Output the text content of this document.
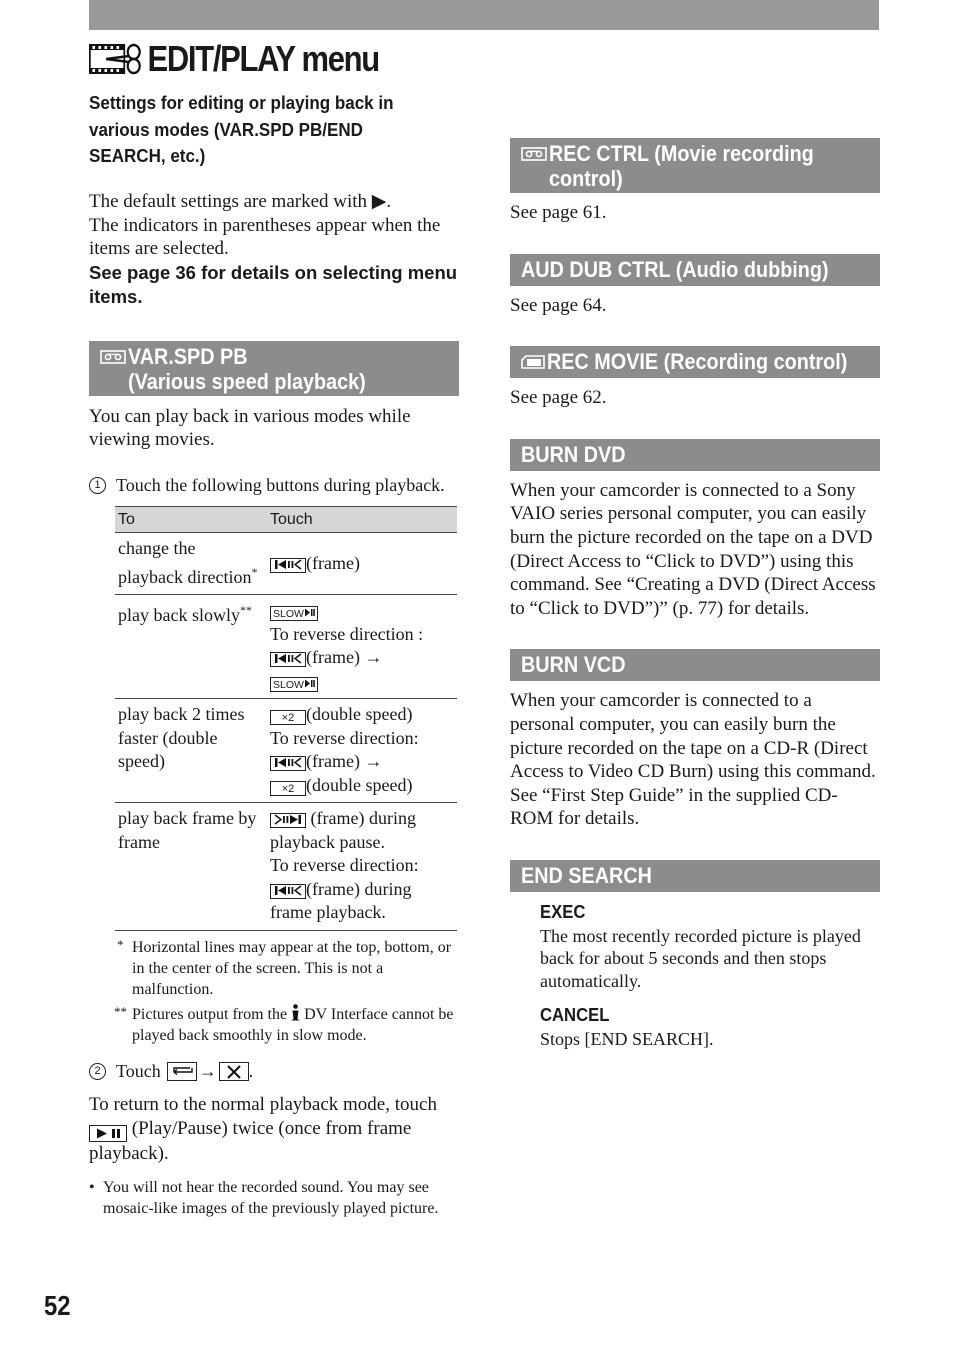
EDIT/PLAY menu
Settings for editing or playing back in various modes (VAR.SPD PB/END SEARCH, etc.)

The default settings are marked with ▶.

The indicators in parentheses appear when the items are selected.

See page 36 for details on selecting menu items.

VAR.SPD PB
(Various speed playback)

You can play back in various modes while viewing movies.

1 Touch the following buttons during playback.
To	Touch
change the playback direction*	(frame)
play back slowly**	SLOW
To reverse direction :
(frame) →
SLOW
play back 2 times faster (double speed)	×2 (double speed)
To reverse direction:
(frame) →
×2 (double speed)
play back frame by frame	(frame) during playback pause.
To reverse direction:
(frame) during frame playback.
* Horizontal lines may appear at the top, bottom, or in the center of the screen. This is not a malfunction.
** Pictures output from the DV Interface cannot be played back smoothly in slow mode.
2 Touch → .

To return to the normal playback mode, touch  (Play/Pause) twice (once from frame playback).

• You will not hear the recorded sound. You may see mosaic-like images of the previously played picture.
REC CTRL (Movie recording
control)

See page 61.

AUD DUB CTRL (Audio dubbing)

See page 64.

REC MOVIE (Recording control)

See page 62.

BURN DVD

When your camcorder is connected to a Sony VAIO series personal computer, you can easily burn the picture recorded on the tape on a DVD (Direct Access to “Click to DVD”) using this command. See “Creating a DVD (Direct Access to “Click to DVD”)” (p. 77) for details.

BURN VCD

When your camcorder is connected to a personal computer, you can easily burn the picture recorded on the tape on a CD-R (Direct Access to Video CD Burn) using this command. See “First Step Guide” in the supplied CD-ROM for details.

END SEARCH
EXEC
The most recently recorded picture is played back for about 5 seconds and then stops automatically.
CANCEL
Stops [END SEARCH].
52
